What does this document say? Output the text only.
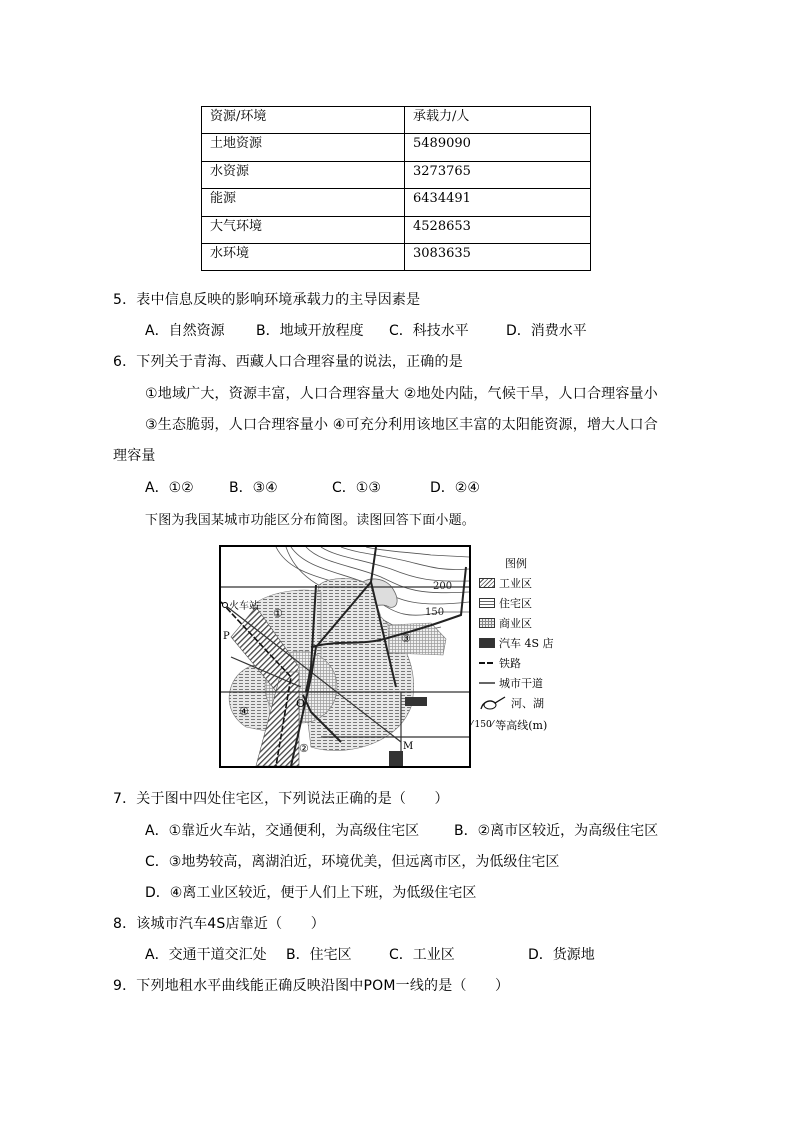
资源/环境	承载力/人
土地资源	5489090
水资源	3273765
能源	6434491
大气环境	4528653
水环境	3083635
5．表中信息反映的影响环境承载力的主导因素是
A．自然资源 B．地域开放程度 C．科技水平	D．消费水平
6．下列关于青海、西藏人口合理容量的说法，正确的是
①地域广大，资源丰富，人口合理容量大 ②地处内陆，气候干旱，人口合理容量小
③生态脆弱，人口合理容量小 ④可充分利用该地区丰富的太阳能资源，增大人口合
理容量
A．①②	B．③④	C．①③	D．②④
下图为我国某城市功能区分布简图。读图回答下面小题。
火车站
P
O
M
①
②
③
④
200
150
图例
工业区
住宅区
商业区
汽车 4S 店
铁路
城市干道
河、湖
⁄ 150 ⁄ 等高线(m)
7．关于图中四处住宅区，下列说法正确的是（　　）
A．①靠近火车站，交通便利，为高级住宅区 B．②离市区较近，为高级住宅区
C．③地势较高，离湖泊近，环境优美，但远离市区，为低级住宅区
D．④离工业区较近，便于人们上下班，为低级住宅区
8．该城市汽车4S店靠近（　　）
A．交通干道交汇处 B．住宅区	C．工业区	D．货源地
9．下列地租水平曲线能正确反映沿图中POM一线的是（　　）
